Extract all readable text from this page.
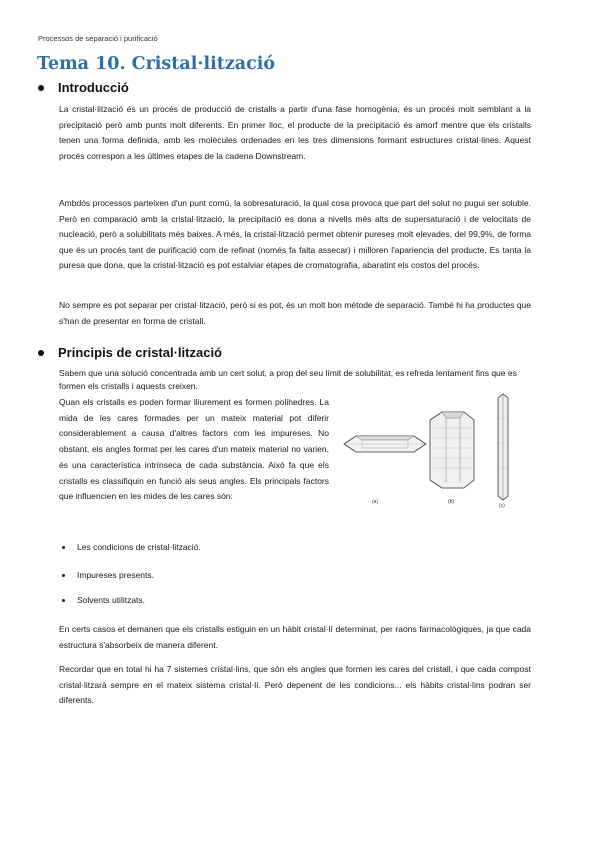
Processos de separació i purificació
Tema 10. Cristal·lització
Introducció

La cristal·lització és un procés de producció de cristalls a partir d'una fase homogènia, és un procés molt semblant a la precipitació però amb punts molt diferents. En primer lloc, el producte de la precipitació és amorf mentre que els cristalls tenen una forma definida, amb les molècules ordenades en les tres dimensions formant estructures cristal·lines. Aquest procés correspon a les últimes etapes de la cadena Downstream.

Ambdós processos parteixen d'un punt comú, la sobresaturació, la qual cosa provoca que part del solut no pugui ser soluble. Però en comparació amb la cristal·lització, la precipitació es dona a nivells més alts de supersaturació i de velocitats de nucleació, però a solubilitats més baixes. A més, la cristal·lització permet obtenir pureses molt elevades, del 99,9%, de forma que és un procés tant de purificació com de refinat (només fa falta assecar) i milloren l'apariencia del producte. Es tanta la puresa que dona, que la cristal·lització es pot estalviar etapes de cromatografia, abaratint els costos del procés.

No sempre es pot separar per cristal·lització, però si es pot, és un molt bon mètode de separació. També hi ha productes que s'han de presentar en forma de cristall.

Principis de cristal·lització

Sabem que una solució concentrada amb un cert solut, a prop del seu límit de solubilitat, es refreda lentament fins que es formen els cristalls i aquests creixen.

Quan els cristalls es poden formar lliurement es formen polihedres. La mida de les cares formades per un mateix material pot diferir considerablement a causa d'altres factors com les impureses. No obstant, els angles format per les cares d'un mateix material no varien, és una característica intrínseca de cada substància. Això fa que els cristalls es classifiquin en funció als seus angles. Els principals factors que influencien en les mides de les cares són:

(a)	(b)
(c)
Les condicions de cristal·lització.
Impureses presents.
Solvents utilitzats.

En certs casos et demanen que els cristalls estiguin en un hàbit cristal·lí determinat, per raons farmacològiques, ja que cada estructura s'absorbeix de manera diferent.

Recordar que en total hi ha 7 sistemes cristal·lins, que són els angles que formen les cares del cristall, i que cada compost cristal·litzarà sempre en el mateix sistema cristal·lí. Però depenent de les condicions... els hàbits cristal·lins podran ser diferents.
